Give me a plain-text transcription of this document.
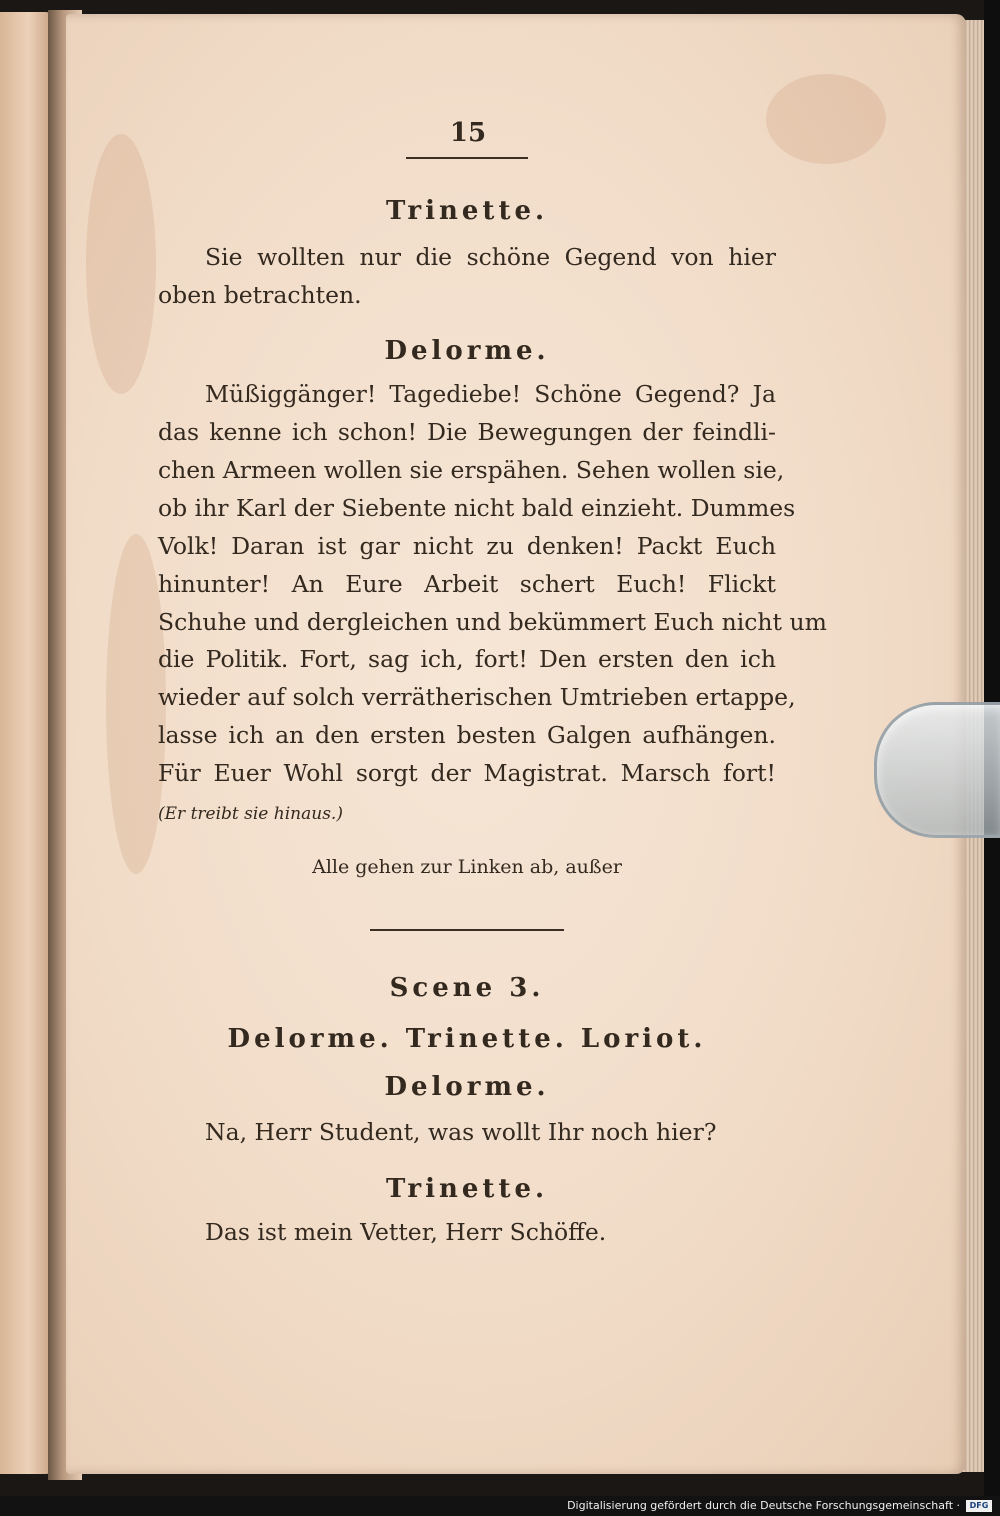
15
Trinette.
Sie wollten nur die schöne Gegend von hier
oben betrachten.
Delorme.
Müßiggänger! Tagediebe! Schöne Gegend? Ja
das kenne ich schon! Die Bewegungen der feindli-
chen Armeen wollen sie erspähen. Sehen wollen sie,
ob ihr Karl der Siebente nicht bald einzieht. Dummes
Volk! Daran ist gar nicht zu denken! Packt Euch
hinunter! An Eure Arbeit schert Euch! Flickt
Schuhe und dergleichen und bekümmert Euch nicht um
die Politik. Fort, sag ich, fort! Den ersten den ich
wieder auf solch verrätherischen Umtrieben ertappe,
lasse ich an den ersten besten Galgen aufhängen.
Für Euer Wohl sorgt der Magistrat. Marsch fort!
(Er treibt sie hinaus.)
Alle gehen zur Linken ab, außer
Scene 3.
Delorme. Trinette. Loriot.
Delorme.
Na, Herr Student, was wollt Ihr noch hier?
Trinette.
Das ist mein Vetter, Herr Schöffe.
Digitalisierung gefördert durch die Deutsche Forschungsgemeinschaft ·	DFG
